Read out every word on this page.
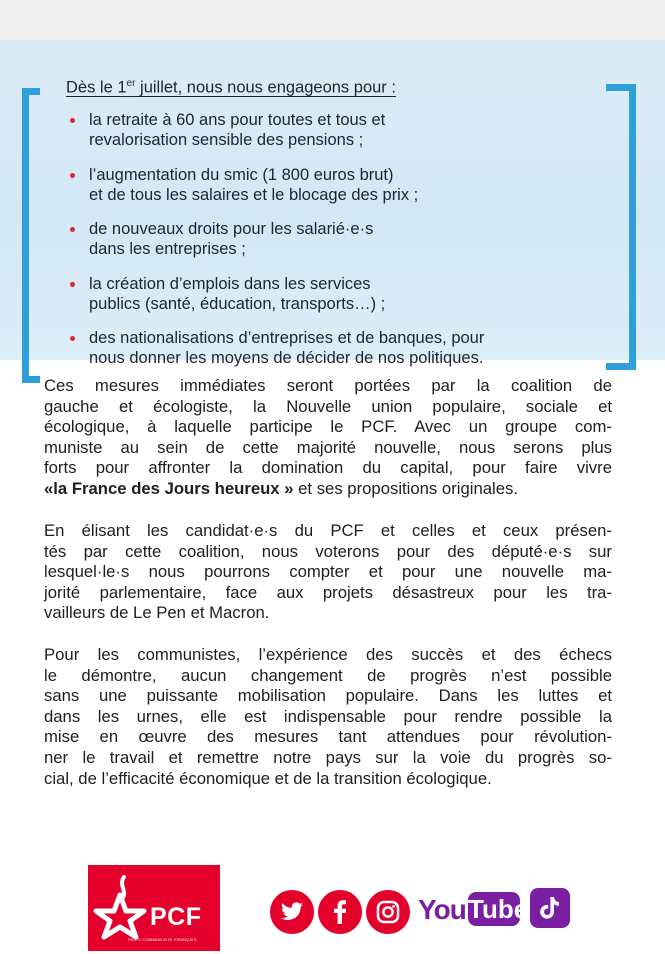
Dès le 1er juillet, nous nous engageons pour :
la retraite à 60 ans pour toutes et tous et
revalorisation sensible des pensions ;
l’augmentation du smic (1 800 euros brut)
et de tous les salaires et le blocage des prix ;
de nouveaux droits pour les salarié·e·s
dans les entreprises ;
la création d’emplois dans les services
publics (santé, éducation, transports…) ;
des nationalisations d’entreprises et de banques, pour
nous donner les moyens de décider de nos politiques.
Ces mesures immédiates seront portées par la coalition de
gauche et écologiste, la Nouvelle union populaire, sociale et
écologique, à laquelle participe le PCF. Avec un groupe com-
muniste au sein de cette majorité nouvelle, nous serons plus
forts pour affronter la domination du capital, pour faire vivre
«la France des Jours heureux » et ses propositions originales.
En élisant les candidat·e·s du PCF et celles et ceux présen-
tés par cette coalition, nous voterons pour des député·e·s sur
lesquel·le·s nous pourrons compter et pour une nouvelle ma-
jorité parlementaire, face aux projets désastreux pour les tra-
vailleurs de Le Pen et Macron.
Pour les communistes, l’expérience des succès et des échecs
le démontre, aucun changement de progrès n’est possible
sans une puissante mobilisation populaire. Dans les luttes et
dans les urnes, elle est indispensable pour rendre possible la
mise en œuvre des mesures tant attendues pour révolution-
ner le travail et remettre notre pays sur la voie du progrès so-
cial, de l’efficacité économique et de la transition écologique.
PCF
PARTI COMMUNISTE FRANÇAIS
You Tube
